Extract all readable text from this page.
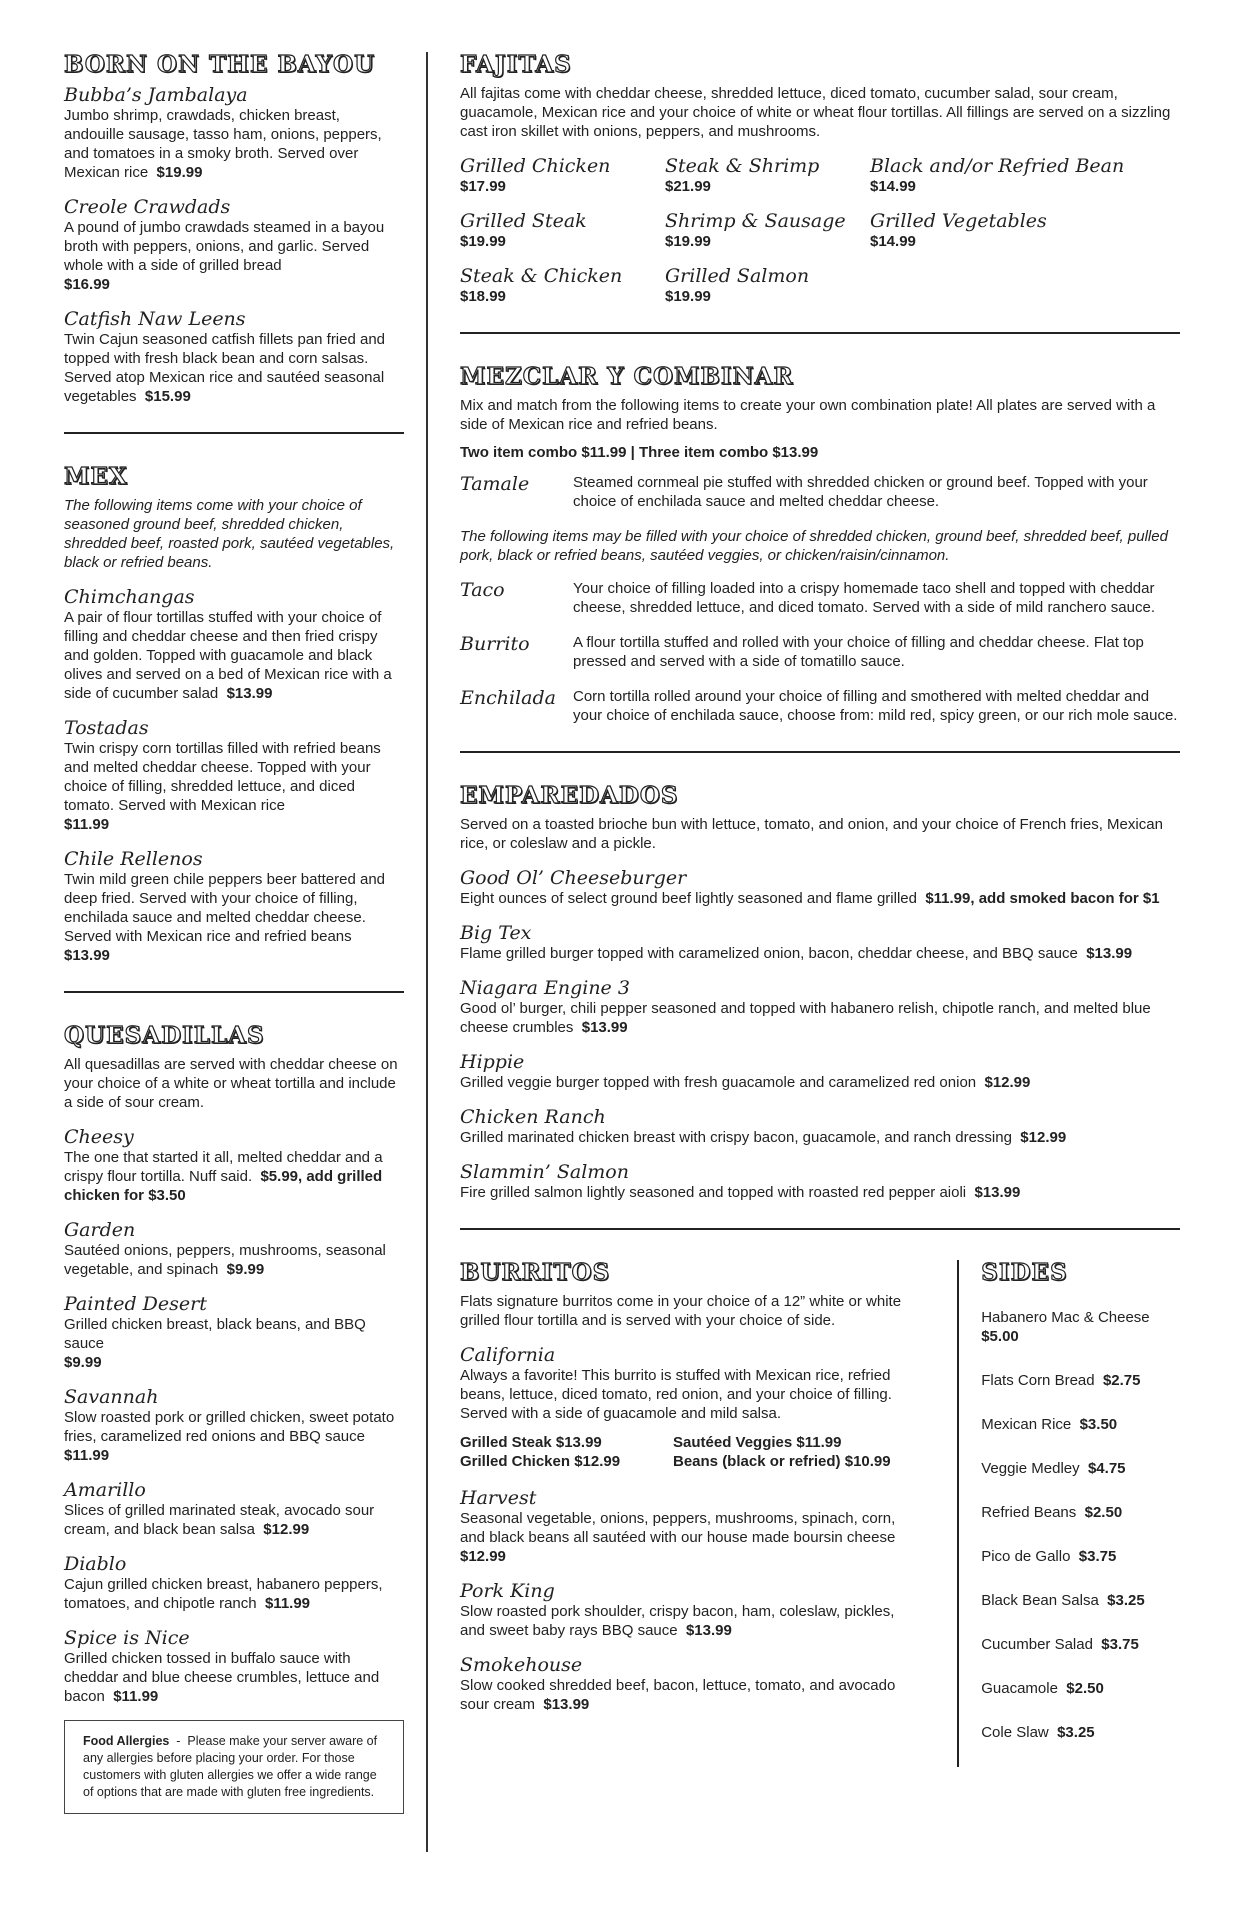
BORN ON THE BAYOU
Bubba’s Jambalaya
Jumbo shrimp, crawdads, chicken breast, andouille sausage, tasso ham, onions, peppers, and tomatoes in a smoky broth. Served over Mexican rice $19.99
Creole Crawdads
A pound of jumbo crawdads steamed in a bayou broth with peppers, onions, and garlic. Served whole with a side of grilled bread
$16.99
Catfish Naw Leens
Twin Cajun seasoned catfish fillets pan fried and topped with fresh black bean and corn salsas. Served atop Mexican rice and sautéed seasonal vegetables $15.99
MEX
The following items come with your choice of seasoned ground beef, shredded chicken, shredded beef, roasted pork, sautéed vegetables, black or refried beans.
Chimchangas
A pair of flour tortillas stuffed with your choice of filling and cheddar cheese and then fried crispy and golden. Topped with guacamole and black olives and served on a bed of Mexican rice with a side of cucumber salad $13.99
Tostadas
Twin crispy corn tortillas filled with refried beans and melted cheddar cheese. Topped with your choice of filling, shredded lettuce, and diced tomato. Served with Mexican rice
$11.99
Chile Rellenos
Twin mild green chile peppers beer battered and deep fried. Served with your choice of filling, enchilada sauce and melted cheddar cheese. Served with Mexican rice and refried beans  $13.99
QUESADILLAS
All quesadillas are served with cheddar cheese on your choice of a white or wheat tortilla and include a side of sour cream.
Cheesy
The one that started it all, melted cheddar and a crispy flour tortilla. Nuff said. $5.99, add grilled chicken for $3.50
Garden
Sautéed onions, peppers, mushrooms, seasonal vegetable, and spinach $9.99
Painted Desert
Grilled chicken breast, black beans, and BBQ sauce
$9.99
Savannah
Slow roasted pork or grilled chicken, sweet potato fries, caramelized red onions and BBQ sauce  $11.99
Amarillo
Slices of grilled marinated steak, avocado sour cream, and black bean salsa $12.99
Diablo
Cajun grilled chicken breast, habanero peppers, tomatoes, and chipotle ranch $11.99
Spice is Nice
Grilled chicken tossed in buffalo sauce with cheddar and blue cheese crumbles, lettuce and bacon $11.99
Food Allergies  -  Please make your server aware of any allergies before placing your order. For those customers with gluten allergies we offer a wide range of options that are made with gluten free ingredients.
FAJITAS
All fajitas come with cheddar cheese, shredded lettuce, diced tomato, cucumber salad, sour cream, guacamole, Mexican rice and your choice of white or wheat flour tortillas. All fillings are served on a sizzling cast iron skillet with onions, peppers, and mushrooms.
Grilled Chicken
$17.99
Steak & Shrimp
$21.99
Black and/or Refried Bean
$14.99
Grilled Steak
$19.99
Shrimp & Sausage
$19.99
Grilled Vegetables
$14.99
Steak & Chicken
$18.99
Grilled Salmon
$19.99
MEZCLAR Y COMBINAR
Mix and match from the following items to create your own combination plate! All plates are served with a side of Mexican rice and refried beans.
Two item combo $11.99 | Three item combo $13.99
Tamale	Steamed cornmeal pie stuffed with shredded chicken or ground beef. Topped with your choice of enchilada sauce and melted cheddar cheese.
The following items may be filled with your choice of shredded chicken, ground beef, shredded beef, pulled pork, black or refried beans, sautéed veggies, or chicken/raisin/cinnamon.
Taco	Your choice of filling loaded into a crispy homemade taco shell and topped with cheddar cheese, shredded lettuce, and diced tomato. Served with a side of mild ranchero sauce.
Burrito	A flour tortilla stuffed and rolled with your choice of filling and cheddar cheese. Flat top pressed and served with a side of tomatillo sauce.
Enchilada	Corn tortilla rolled around your choice of filling and smothered with melted cheddar and your choice of enchilada sauce, choose from: mild red, spicy green, or our rich mole sauce.
EMPAREDADOS
Served on a toasted brioche bun with lettuce, tomato, and onion, and your choice of French fries, Mexican rice, or coleslaw and a pickle.
Good Ol’ Cheeseburger
Eight ounces of select ground beef lightly seasoned and flame grilled $11.99, add smoked bacon for $1
Big Tex
Flame grilled burger topped with caramelized onion, bacon, cheddar cheese, and BBQ sauce $13.99
Niagara Engine 3
Good ol’ burger, chili pepper seasoned and topped with habanero relish, chipotle ranch, and melted blue cheese crumbles $13.99
Hippie
Grilled veggie burger topped with fresh guacamole and caramelized red onion $12.99
Chicken Ranch
Grilled marinated chicken breast with crispy bacon, guacamole, and ranch dressing $12.99
Slammin’ Salmon
Fire grilled salmon lightly seasoned and topped with roasted red pepper aioli $13.99
BURRITOS
Flats signature burritos come in your choice of a 12” white or white grilled flour tortilla and is served with your choice of side.
California
Always a favorite! This burrito is stuffed with Mexican rice, refried beans, lettuce, diced tomato, red onion, and your choice of filling. Served with a side of guacamole and mild salsa.
Grilled Steak $13.99	Sautéed Veggies $11.99
Grilled Chicken $12.99	Beans (black or refried) $10.99
Harvest
Seasonal vegetable, onions, peppers, mushrooms, spinach, corn, and black beans all sautéed with our house made boursin cheese
$12.99
Pork King
Slow roasted pork shoulder, crispy bacon, ham, coleslaw, pickles, and sweet baby rays BBQ sauce $13.99
Smokehouse
Slow cooked shredded beef, bacon, lettuce, tomato, and avocado sour cream $13.99
SIDES
Habanero Mac & Cheese  $5.00
Flats Corn Bread $2.75
Mexican Rice $3.50
Veggie Medley $4.75
Refried Beans $2.50
Pico de Gallo $3.75
Black Bean Salsa $3.25
Cucumber Salad $3.75
Guacamole $2.50
Cole Slaw $3.25
